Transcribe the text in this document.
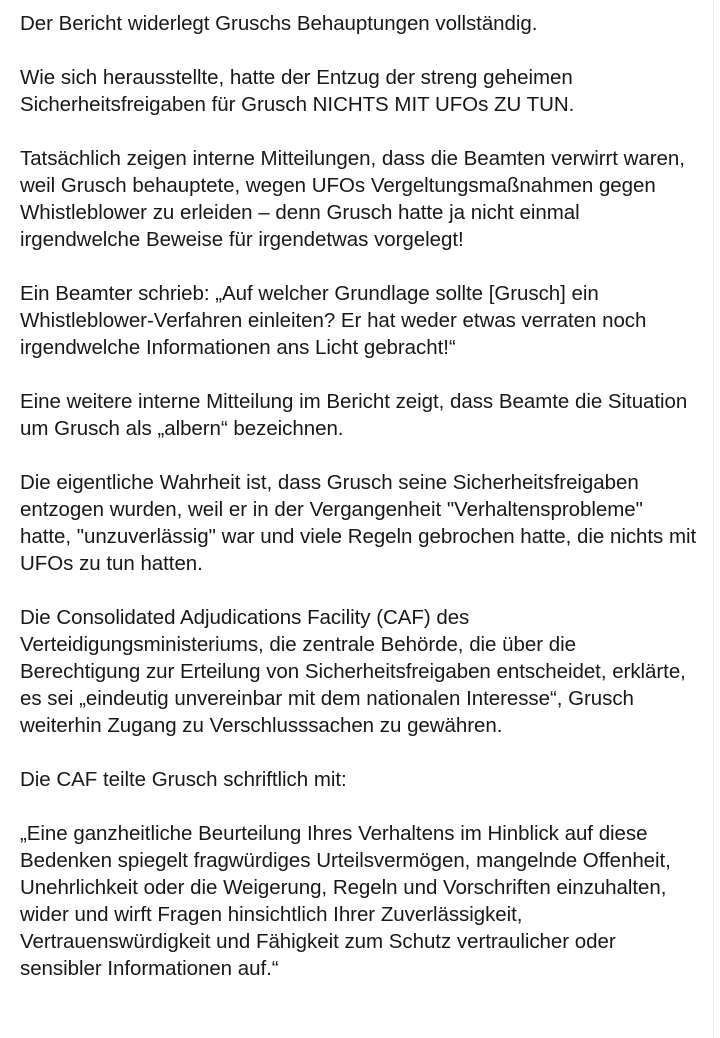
Der Bericht widerlegt Gruschs Behauptungen vollständig.

Wie sich herausstellte, hatte der Entzug der streng geheimen Sicherheitsfreigaben für Grusch NICHTS MIT UFOs ZU TUN.

Tatsächlich zeigen interne Mitteilungen, dass die Beamten verwirrt waren, weil Grusch behauptete, wegen UFOs Vergeltungsmaßnahmen gegen Whistleblower zu erleiden – denn Grusch hatte ja nicht einmal irgendwelche Beweise für irgendetwas vorgelegt!

Ein Beamter schrieb: „Auf welcher Grundlage sollte [Grusch] ein Whistleblower-Verfahren einleiten? Er hat weder etwas verraten noch irgendwelche Informationen ans Licht gebracht!“

Eine weitere interne Mitteilung im Bericht zeigt, dass Beamte die Situation um Grusch als „albern“ bezeichnen.

Die eigentliche Wahrheit ist, dass Grusch seine Sicherheitsfreigaben entzogen wurden, weil er in der Vergangenheit "Verhaltensprobleme" hatte, "unzuverlässig" war und viele Regeln gebrochen hatte, die nichts mit UFOs zu tun hatten.

Die Consolidated Adjudications Facility (CAF) des Verteidigungsministeriums, die zentrale Behörde, die über die Berechtigung zur Erteilung von Sicherheitsfreigaben entscheidet, erklärte, es sei „eindeutig unvereinbar mit dem nationalen Interesse“, Grusch weiterhin Zugang zu Verschlusssachen zu gewähren.

Die CAF teilte Grusch schriftlich mit:

„Eine ganzheitliche Beurteilung Ihres Verhaltens im Hinblick auf diese Bedenken spiegelt fragwürdiges Urteilsvermögen, mangelnde Offenheit, Unehrlichkeit oder die Weigerung, Regeln und Vorschriften einzuhalten, wider und wirft Fragen hinsichtlich Ihrer Zuverlässigkeit, Vertrauenswürdigkeit und Fähigkeit zum Schutz vertraulicher oder sensibler Informationen auf.“
